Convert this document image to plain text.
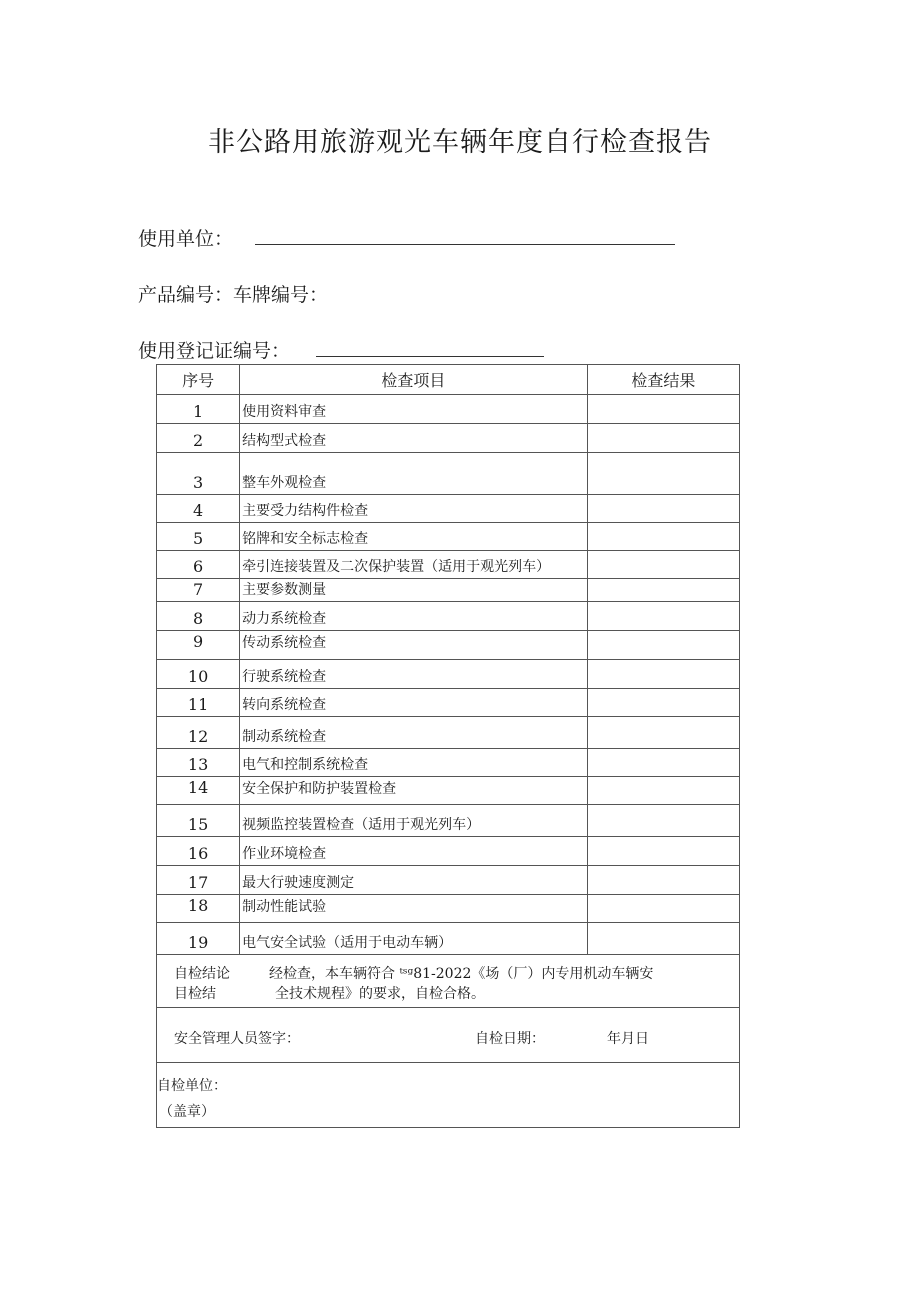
非公路用旅游观光车辆年度自行检查报告
使用单位：
产品编号：车牌编号：
使用登记证编号：
序号	检查项目	检查结果
1	使用资料审查	
2	结构型式检查	
3	整车外观检查	
4	主要受力结构件检查	
5	铭牌和安全标志检查	
6	牵引连接装置及二次保护装置（适用于观光列车）	
7	主要参数测量	
8	动力系统检查	
9	传动系统检查	
10	行驶系统检查	
11	转向系统检查	
12	制动系统检查	
13	电气和控制系统检查	
14	安全保护和防护装置检查	
15	视频监控装置检查（适用于观光列车）	
16	作业环境检查	
17	最大行驶速度测定	
18	制动性能试验	
19	电气安全试验（适用于电动车辆）	

自检结论
目检结
经检查，本车辆符合 ᵗˢᵍ81-2022《场（厂）内专用机动车辆安
全技术规程》的要求，自检合格。		

安全管理人员签字： 自检日期： 年月日		

自检单位：
（盖章）		
